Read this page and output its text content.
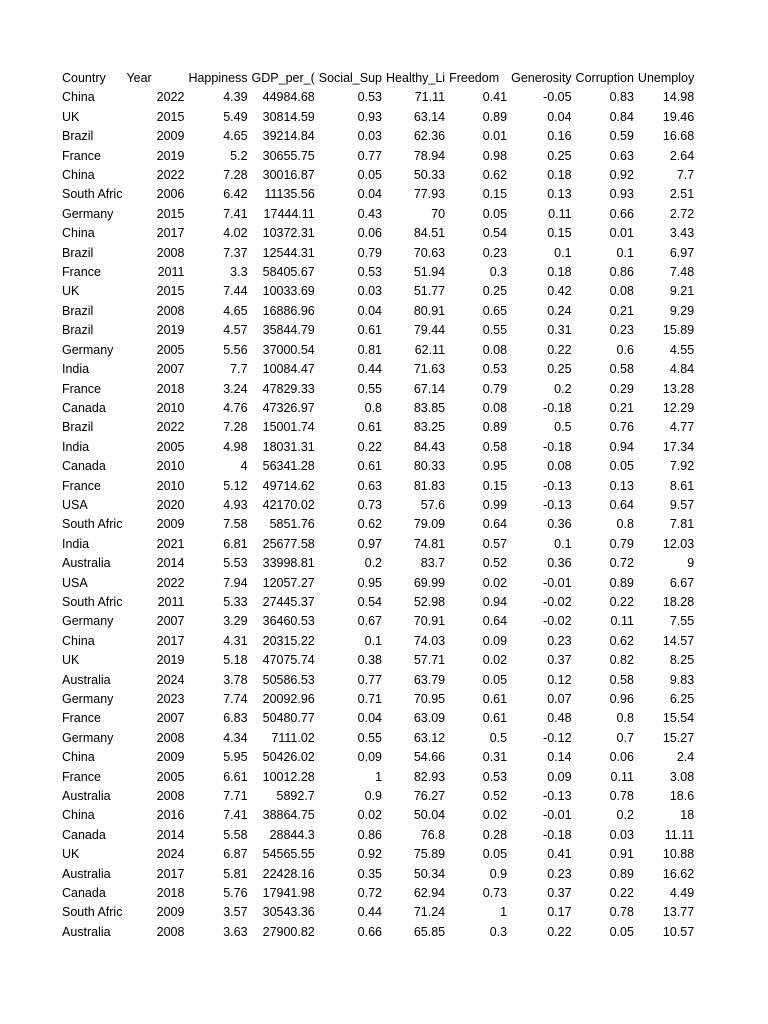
Country	Year	Happiness	GDP_per_(	Social_Sup	Healthy_Li	Freedom	Generosity	Corruption	Unemploy
China	2022	4.39	44984.68	0.53	71.11	0.41	-0.05	0.83	14.98
UK	2015	5.49	30814.59	0.93	63.14	0.89	0.04	0.84	19.46
Brazil	2009	4.65	39214.84	0.03	62.36	0.01	0.16	0.59	16.68
France	2019	5.2	30655.75	0.77	78.94	0.98	0.25	0.63	2.64
China	2022	7.28	30016.87	0.05	50.33	0.62	0.18	0.92	7.7
South Afric	2006	6.42	11135.56	0.04	77.93	0.15	0.13	0.93	2.51
Germany	2015	7.41	17444.11	0.43	70	0.05	0.11	0.66	2.72
China	2017	4.02	10372.31	0.06	84.51	0.54	0.15	0.01	3.43
Brazil	2008	7.37	12544.31	0.79	70.63	0.23	0.1	0.1	6.97
France	2011	3.3	58405.67	0.53	51.94	0.3	0.18	0.86	7.48
UK	2015	7.44	10033.69	0.03	51.77	0.25	0.42	0.08	9.21
Brazil	2008	4.65	16886.96	0.04	80.91	0.65	0.24	0.21	9.29
Brazil	2019	4.57	35844.79	0.61	79.44	0.55	0.31	0.23	15.89
Germany	2005	5.56	37000.54	0.81	62.11	0.08	0.22	0.6	4.55
India	2007	7.7	10084.47	0.44	71.63	0.53	0.25	0.58	4.84
France	2018	3.24	47829.33	0.55	67.14	0.79	0.2	0.29	13.28
Canada	2010	4.76	47326.97	0.8	83.85	0.08	-0.18	0.21	12.29
Brazil	2022	7.28	15001.74	0.61	83.25	0.89	0.5	0.76	4.77
India	2005	4.98	18031.31	0.22	84.43	0.58	-0.18	0.94	17.34
Canada	2010	4	56341.28	0.61	80.33	0.95	0.08	0.05	7.92
France	2010	5.12	49714.62	0.63	81.83	0.15	-0.13	0.13	8.61
USA	2020	4.93	42170.02	0.73	57.6	0.99	-0.13	0.64	9.57
South Afric	2009	7.58	5851.76	0.62	79.09	0.64	0.36	0.8	7.81
India	2021	6.81	25677.58	0.97	74.81	0.57	0.1	0.79	12.03
Australia	2014	5.53	33998.81	0.2	83.7	0.52	0.36	0.72	9
USA	2022	7.94	12057.27	0.95	69.99	0.02	-0.01	0.89	6.67
South Afric	2011	5.33	27445.37	0.54	52.98	0.94	-0.02	0.22	18.28
Germany	2007	3.29	36460.53	0.67	70.91	0.64	-0.02	0.11	7.55
China	2017	4.31	20315.22	0.1	74.03	0.09	0.23	0.62	14.57
UK	2019	5.18	47075.74	0.38	57.71	0.02	0.37	0.82	8.25
Australia	2024	3.78	50586.53	0.77	63.79	0.05	0.12	0.58	9.83
Germany	2023	7.74	20092.96	0.71	70.95	0.61	0.07	0.96	6.25
France	2007	6.83	50480.77	0.04	63.09	0.61	0.48	0.8	15.54
Germany	2008	4.34	7111.02	0.55	63.12	0.5	-0.12	0.7	15.27
China	2009	5.95	50426.02	0.09	54.66	0.31	0.14	0.06	2.4
France	2005	6.61	10012.28	1	82.93	0.53	0.09	0.11	3.08
Australia	2008	7.71	5892.7	0.9	76.27	0.52	-0.13	0.78	18.6
China	2016	7.41	38864.75	0.02	50.04	0.02	-0.01	0.2	18
Canada	2014	5.58	28844.3	0.86	76.8	0.28	-0.18	0.03	11.11
UK	2024	6.87	54565.55	0.92	75.89	0.05	0.41	0.91	10.88
Australia	2017	5.81	22428.16	0.35	50.34	0.9	0.23	0.89	16.62
Canada	2018	5.76	17941.98	0.72	62.94	0.73	0.37	0.22	4.49
South Afric	2009	3.57	30543.36	0.44	71.24	1	0.17	0.78	13.77
Australia	2008	3.63	27900.82	0.66	65.85	0.3	0.22	0.05	10.57
